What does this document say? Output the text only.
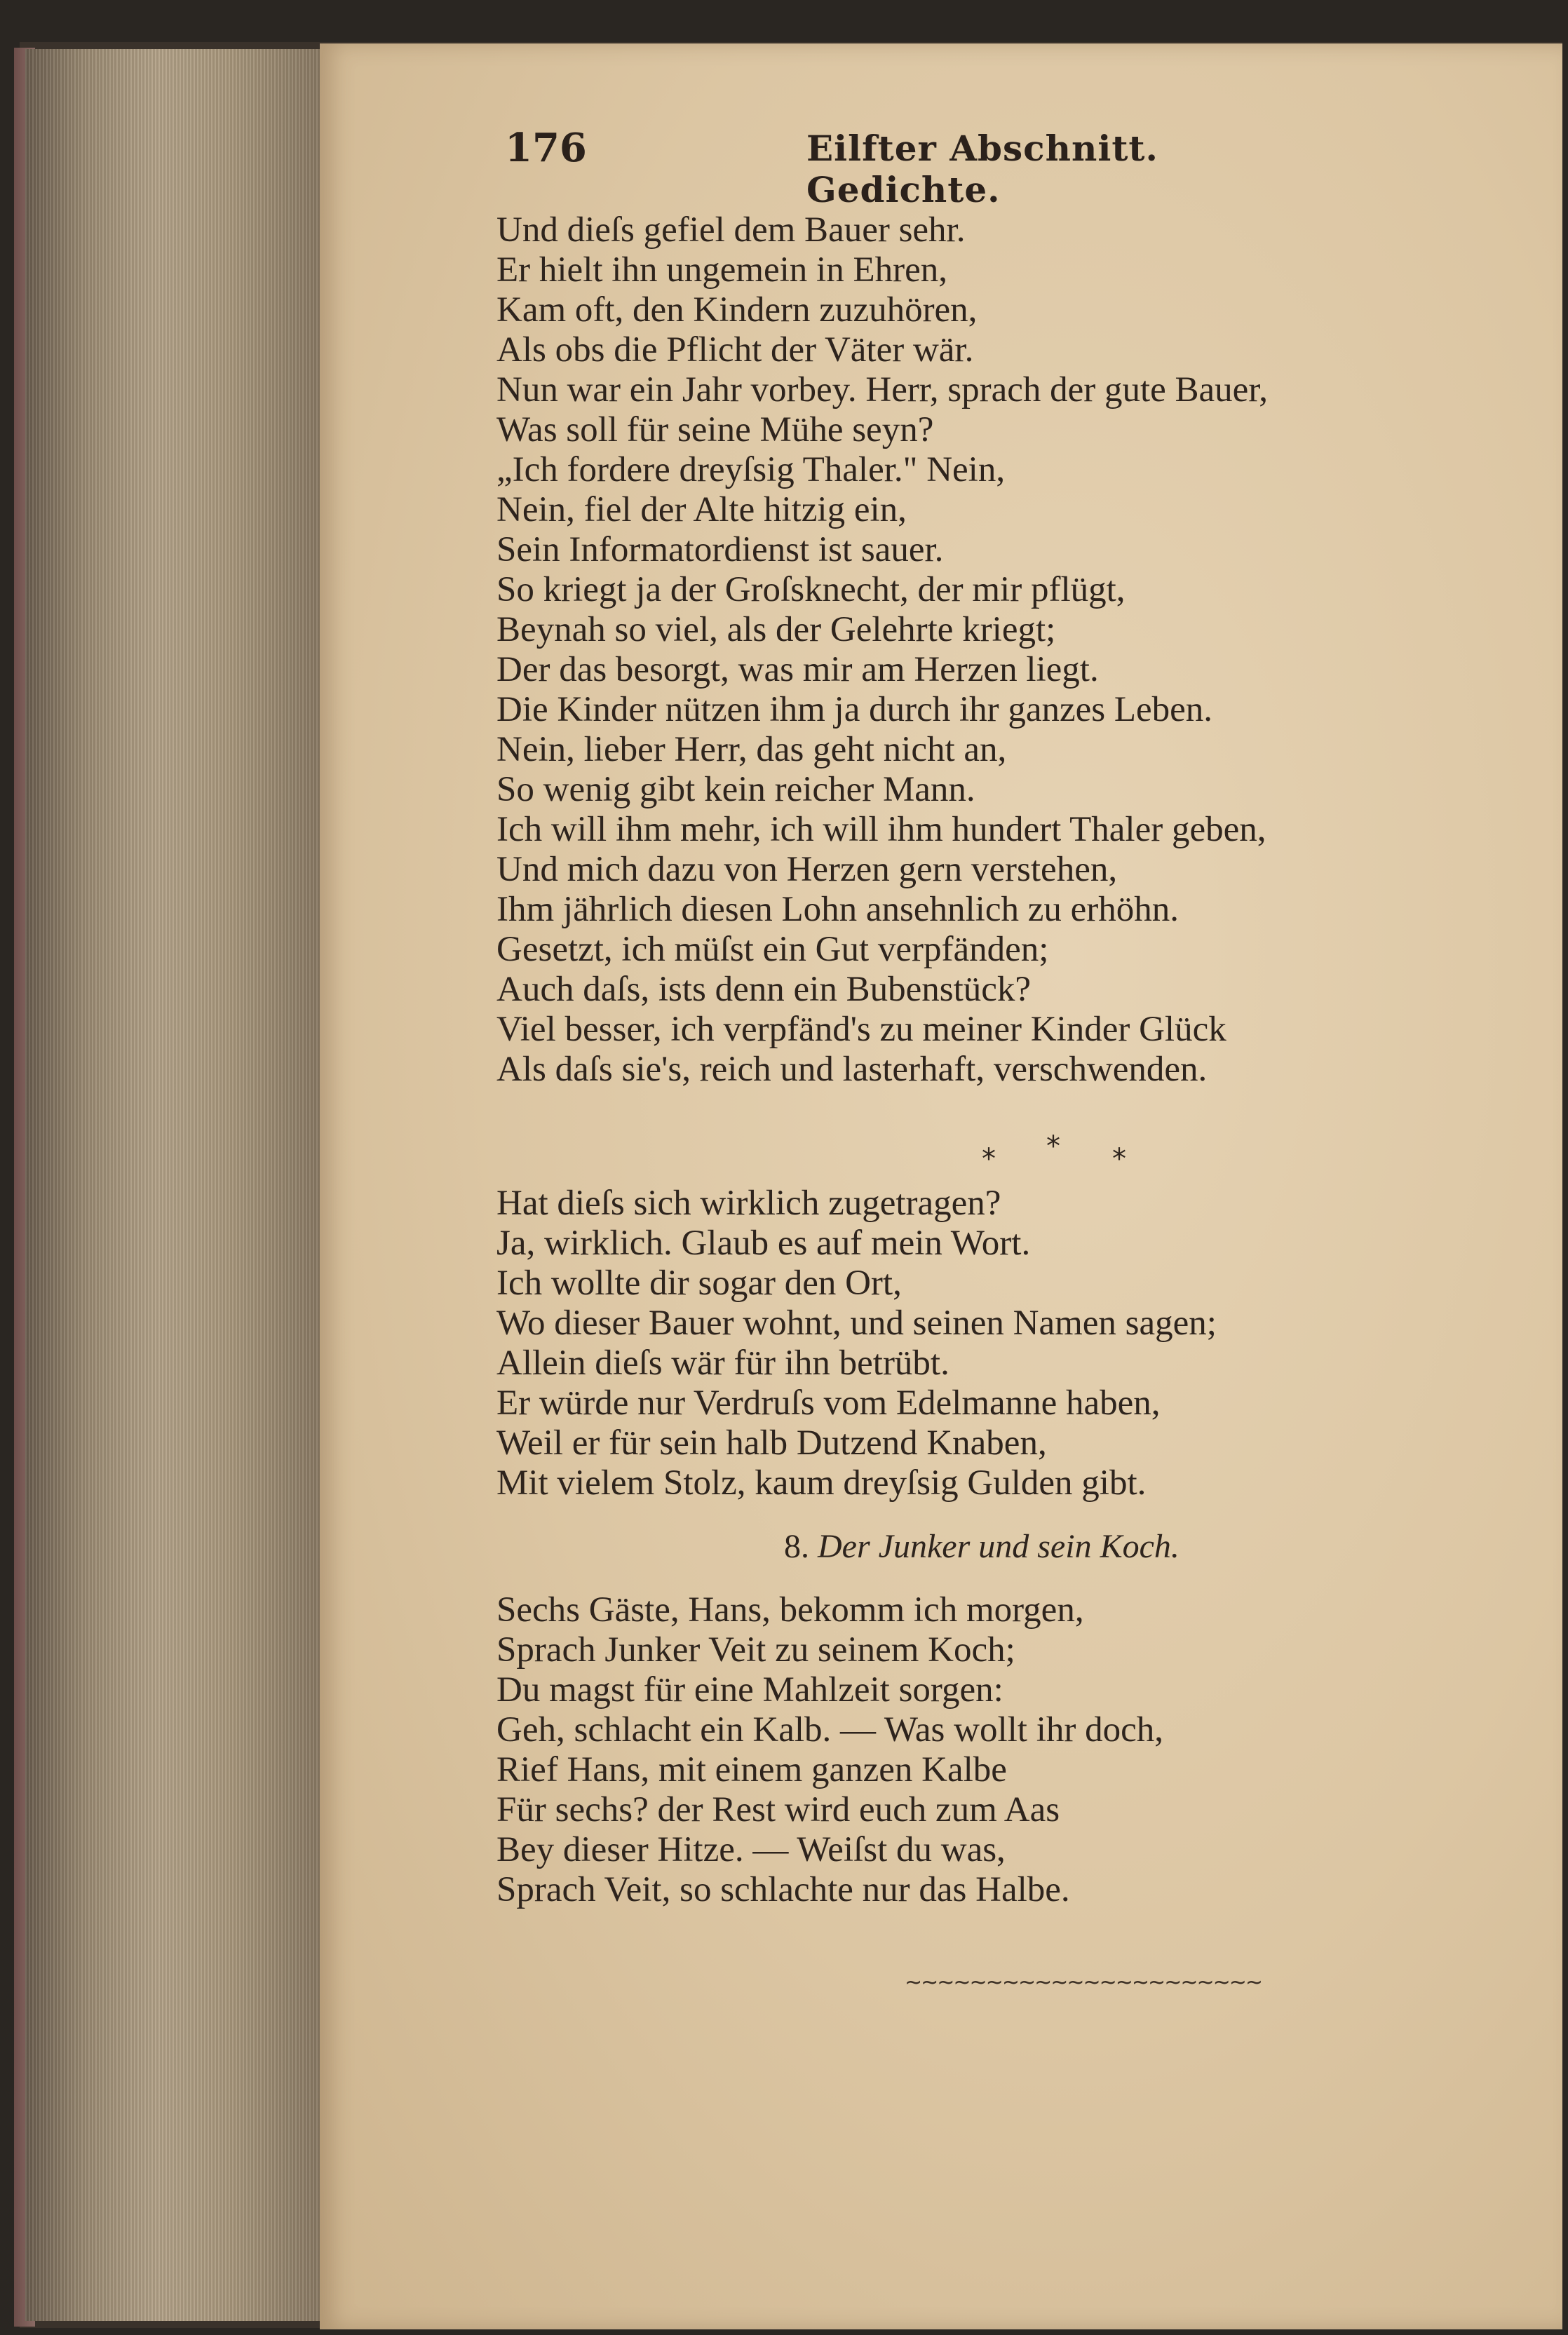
176	Eilfter Abschnitt. Gedichte.
Und dieſs gefiel dem Bauer sehr.
Er hielt ihn ungemein in Ehren,
Kam oft, den Kindern zuzuhören,
Als obs die Pflicht der Väter wär.
Nun war ein Jahr vorbey. Herr, sprach der gute Bauer,
Was soll für seine Mühe seyn?
„Ich fordere dreyſsig Thaler." Nein,
Nein, fiel der Alte hitzig ein,
Sein Informatordienst ist sauer.
So kriegt ja der Groſsknecht, der mir pflügt,
Beynah so viel, als der Gelehrte kriegt;
Der das besorgt, was mir am Herzen liegt.
Die Kinder nützen ihm ja durch ihr ganzes Leben.
Nein, lieber Herr, das geht nicht an,
So wenig gibt kein reicher Mann.
Ich will ihm mehr, ich will ihm hundert Thaler geben,
Und mich dazu von Herzen gern verstehen,
Ihm jährlich diesen Lohn ansehnlich zu erhöhn.
Gesetzt, ich müſst ein Gut verpfänden;
Auch daſs, ists denn ein Bubenstück?
Viel besser, ich verpfänd's zu meiner Kinder Glück
Als daſs sie's, reich und lasterhaft, verschwenden.
* * *
Hat dieſs sich wirklich zugetragen?
Ja, wirklich. Glaub es auf mein Wort.
Ich wollte dir sogar den Ort,
Wo dieser Bauer wohnt, und seinen Namen sagen;
Allein dieſs wär für ihn betrübt.
Er würde nur Verdruſs vom Edelmanne haben,
Weil er für sein halb Dutzend Knaben,
Mit vielem Stolz, kaum dreyſsig Gulden gibt.
8. Der Junker und sein Koch.
Sechs Gäste, Hans, bekomm ich morgen,
Sprach Junker Veit zu seinem Koch;
Du magst für eine Mahlzeit sorgen:
Geh, schlacht ein Kalb. — Was wollt ihr doch,
Rief Hans, mit einem ganzen Kalbe
Für sechs? der Rest wird euch zum Aas
Bey dieser Hitze. — Weiſst du was,
Sprach Veit, so schlachte nur das Halbe.
~~~~~~~~~~~~~~~~~~~~~~
